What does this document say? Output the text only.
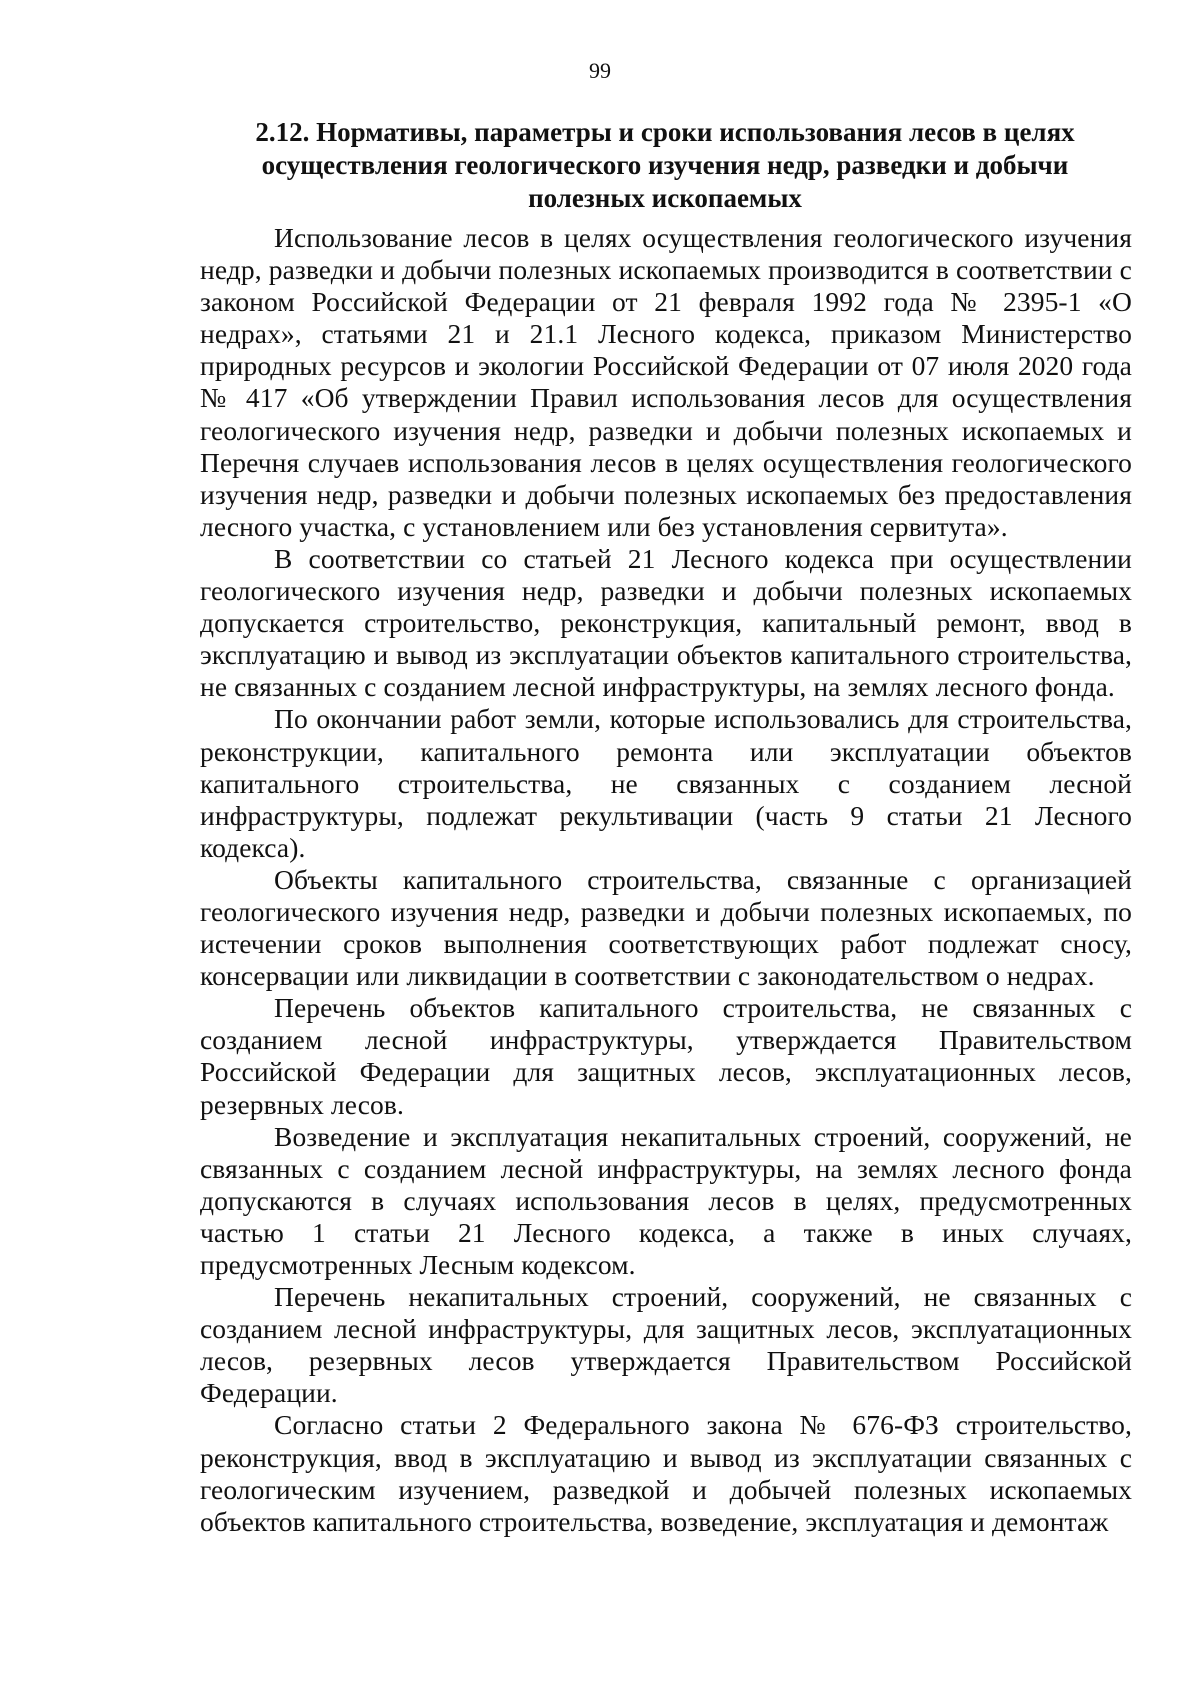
99
2.12. Нормативы, параметры и сроки использования лесов в целях осуществления геологического изучения недр, разведки и добычи полезных ископаемых

Использование лесов в целях осуществления геологического изучения недр, разведки и добычи полезных ископаемых производится в соответствии с законом Российской Федерации от 21 февраля 1992 года № 2395-1 «О недрах», статьями 21 и 21.1 Лесного кодекса, приказом Министерство природных ресурсов и экологии Российской Федерации от 07 июля 2020 года № 417 «Об утверждении Правил использования лесов для осуществления геологического изучения недр, разведки и добычи полезных ископаемых и Перечня случаев использования лесов в целях осуществления геологического изучения недр, разведки и добычи полезных ископаемых без предоставления лесного участка, с установлением или без установления сервитута».

В соответствии со статьей 21 Лесного кодекса при осуществлении геологического изучения недр, разведки и добычи полезных ископаемых допускается строительство, реконструкция, капитальный ремонт, ввод в эксплуатацию и вывод из эксплуатации объектов капитального строительства, не связанных с созданием лесной инфраструктуры, на землях лесного фонда.

По окончании работ земли, которые использовались для строительства, реконструкции, капитального ремонта или эксплуатации объектов капитального строительства, не связанных с созданием лесной инфраструктуры, подлежат рекультивации (часть 9 статьи 21 Лесного кодекса).

Объекты капитального строительства, связанные с организацией геологического изучения недр, разведки и добычи полезных ископаемых, по истечении сроков выполнения соответствующих работ подлежат сносу, консервации или ликвидации в соответствии с законодательством о недрах.

Перечень объектов капитального строительства, не связанных с созданием лесной инфраструктуры, утверждается Правительством Российской Федерации для защитных лесов, эксплуатационных лесов, резервных лесов.

Возведение и эксплуатация некапитальных строений, сооружений, не связанных с созданием лесной инфраструктуры, на землях лесного фонда допускаются в случаях использования лесов в целях, предусмотренных частью 1 статьи 21 Лесного кодекса, а также в иных случаях, предусмотренных Лесным кодексом.

Перечень некапитальных строений, сооружений, не связанных с созданием лесной инфраструктуры, для защитных лесов, эксплуатационных лесов, резервных лесов утверждается Правительством Российской Федерации.

Согласно статьи 2 Федерального закона № 676-ФЗ строительство, реконструкция, ввод в эксплуатацию и вывод из эксплуатации связанных с геологическим изучением, разведкой и добычей полезных ископаемых объектов капитального строительства, возведение, эксплуатация и демонтаж
